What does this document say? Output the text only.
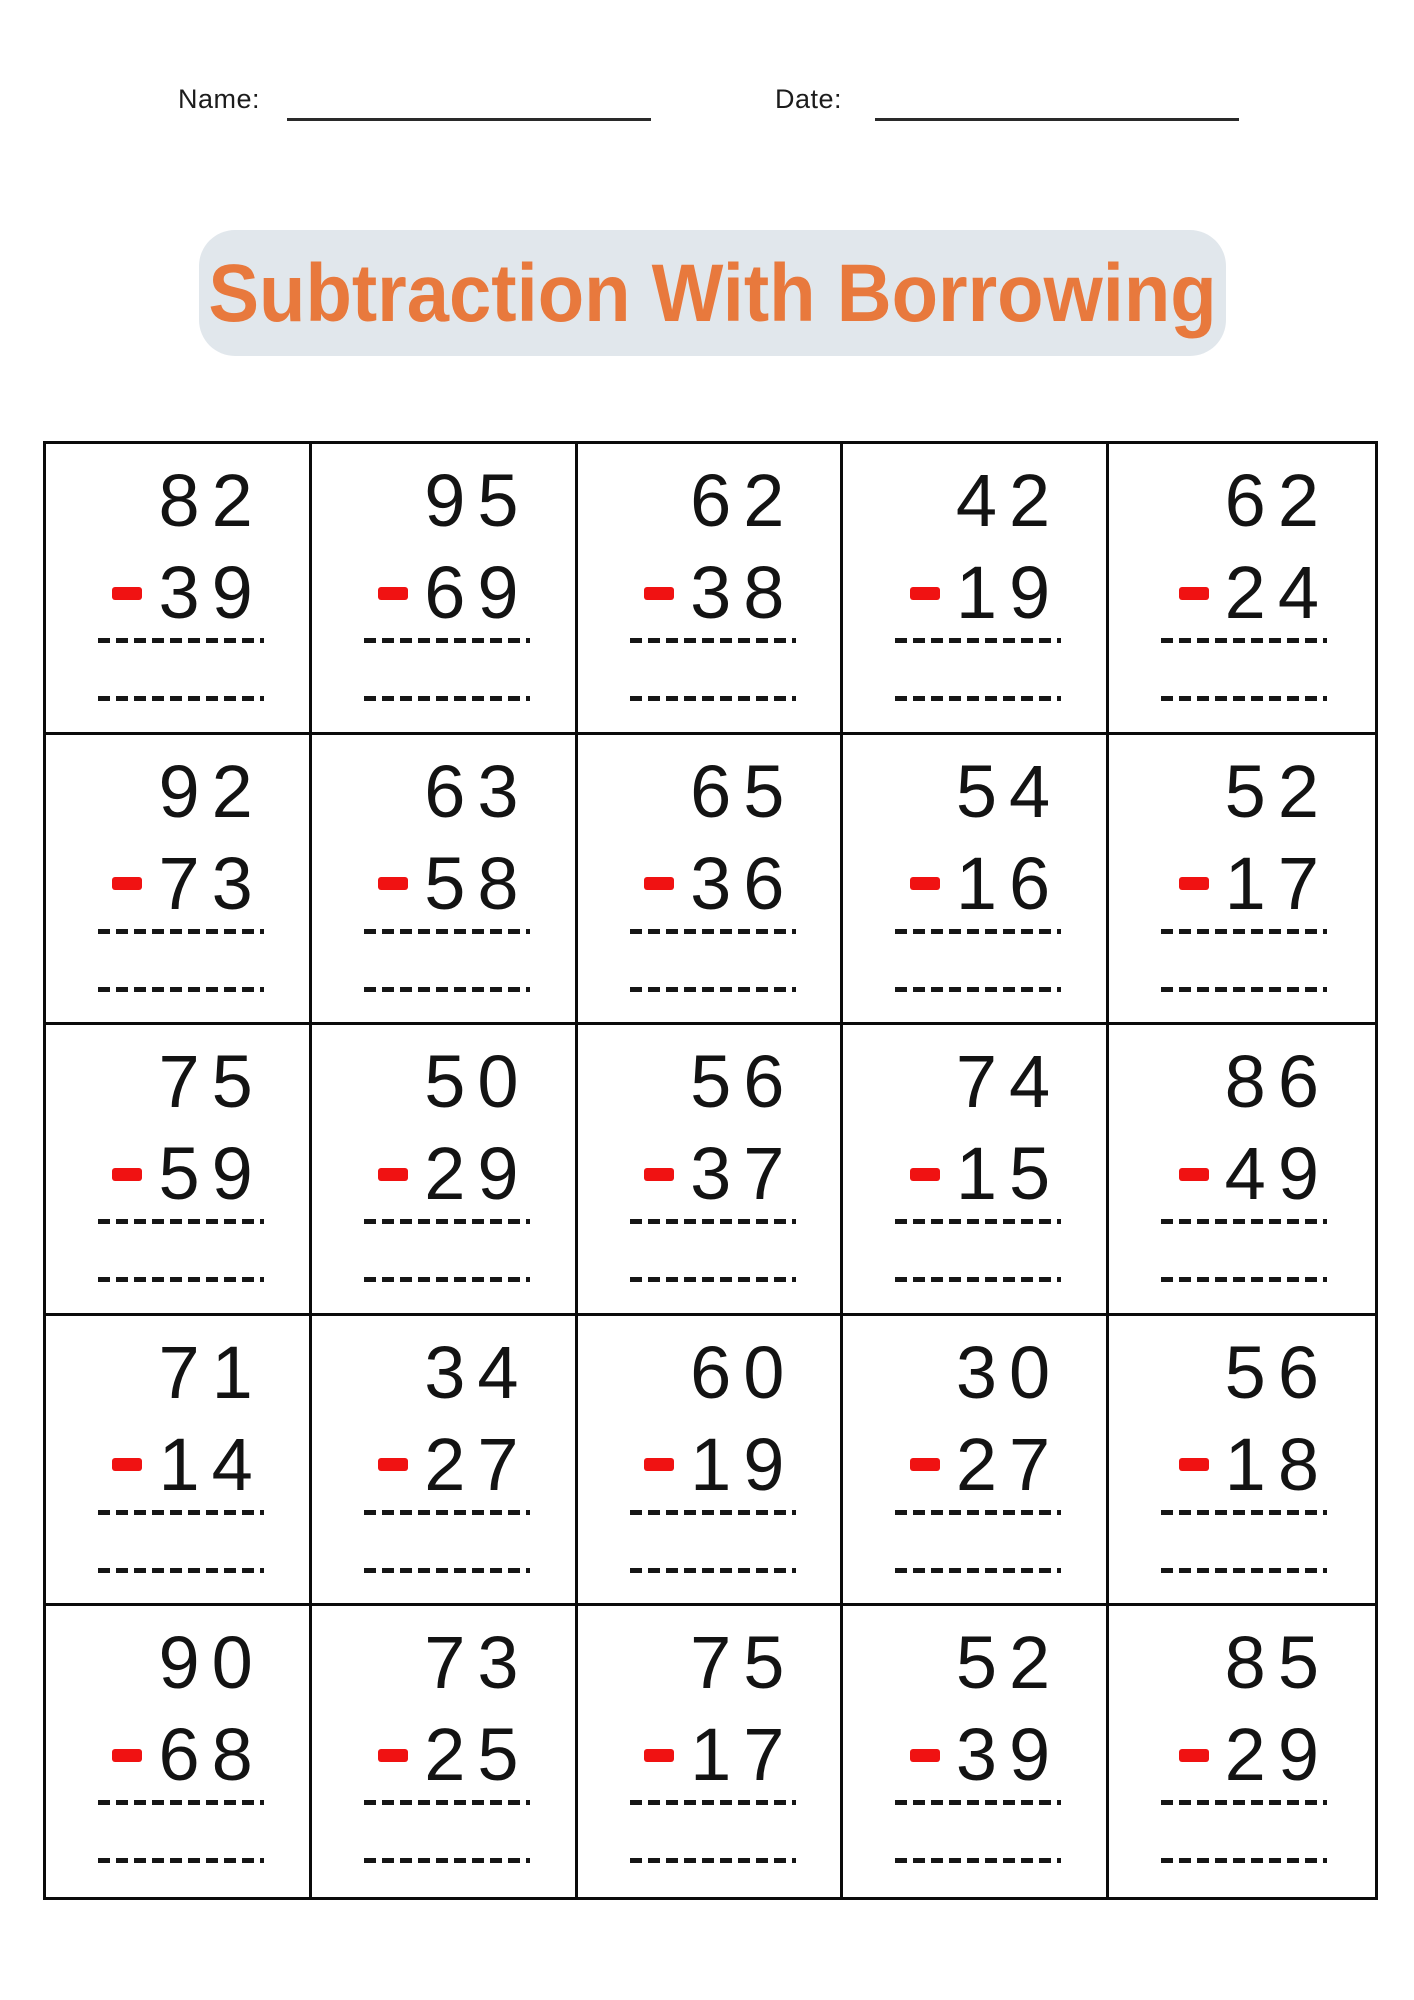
Name:	Date:
Subtraction With Borrowing
82
39
95
69
62
38
42
19
62
24
92
73
63
58
65
36
54
16
52
17
75
59
50
29
56
37
74
15
86
49
71
14
34
27
60
19
30
27
56
18
90
68
73
25
75
17
52
39
85
29
